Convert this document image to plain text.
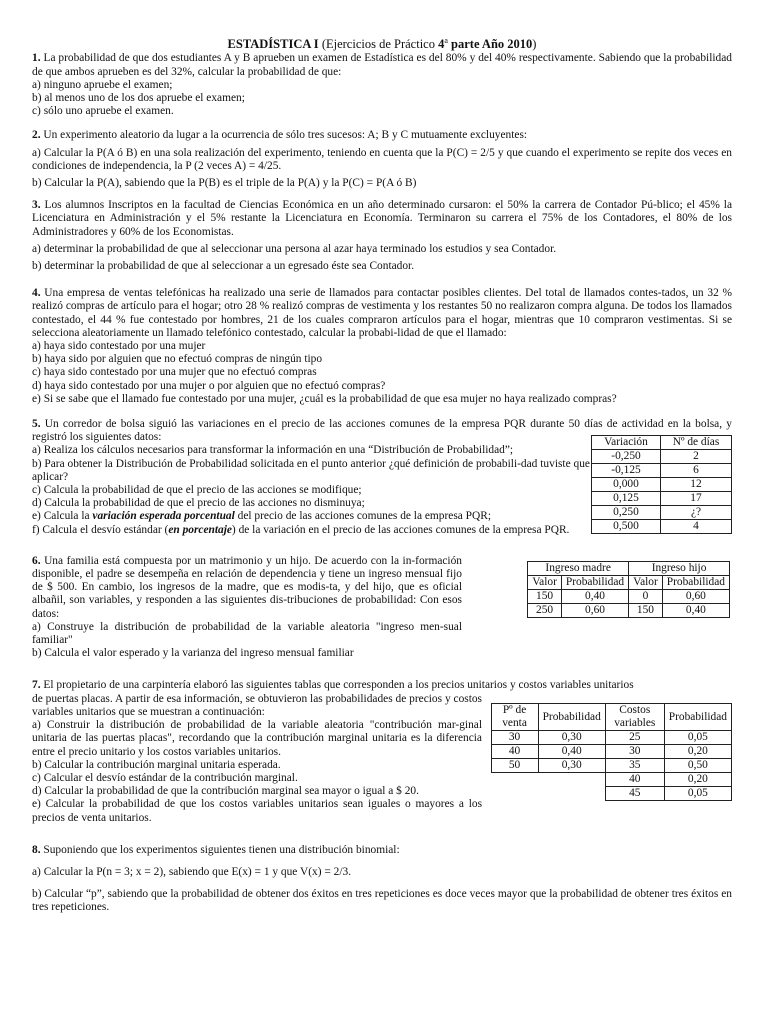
ESTADÍSTICA I (Ejercicios de Práctico 4$^a$ parte Año 2010)

1. La probabilidad de que dos estudiantes A y B aprueben un examen de Estadística es del 80% y del 40% respectivamente. Sabiendo que la probabilidad de que ambos aprueben es del 32%, calcular la probabilidad de que:

a) ninguno apruebe el examen;

b) al menos uno de los dos apruebe el examen;

c) sólo uno apruebe el examen.

2. Un experimento aleatorio da lugar a la ocurrencia de sólo tres sucesos: A; B y C mutuamente excluyentes:

a) Calcular la P(A ó B) en una sola realización del experimento, teniendo en cuenta que la P(C) = 2/5 y que cuando el experimento se repite dos veces en condiciones de independencia, la P (2 veces A) = 4/25.

b) Calcular la P(A), sabiendo que la P(B) es el triple de la P(A) y la P(C) = P(A ó B)

3. Los alumnos Inscriptos en la facultad de Ciencias Económica en un año determinado cursaron: el 50% la carrera de Contador Pú-blico; el 45% la Licenciatura en Administración y el 5% restante la Licenciatura en Economía. Terminaron su carrera el 75% de los Contadores, el 80% de los Administradores y 60% de los Economistas.

a) determinar la probabilidad de que al seleccionar una persona al azar haya terminado los estudios y sea Contador.

b) determinar la probabilidad de que al seleccionar a un egresado éste sea Contador.

4. Una empresa de ventas telefónicas ha realizado una serie de llamados para contactar posibles clientes. Del total de llamados contes-tados, un 32 % realizó compras de artículo para el hogar; otro 28 % realizó compras de vestimenta y los restantes 50 no realizaron compra alguna. De todos los llamados contestado, el 44 % fue contestado por hombres, 21 de los cuales compraron artículos para el hogar, mientras que 10 compraron vestimentas. Si se selecciona aleatoriamente un llamado telefónico contestado, calcular la probabi-lidad de que el llamado:

a) haya sido contestado por una mujer

b) haya sido por alguien que no efectuó compras de ningún tipo

c) haya sido contestado por una mujer que no efectuó compras

d) haya sido contestado por una mujer o por alguien que no efectuó compras?

e) Si se sabe que el llamado fue contestado por una mujer, ¿cuál es la probabilidad de que esa mujer no haya realizado compras?

5. Un corredor de bolsa siguió las variaciones en el precio de las acciones comunes de la empresa PQR durante 50 días de actividad en la bolsa, y registró los siguientes datos:

a) Realiza los cálculos necesarios para transformar la información en una “Distribución de Probabilidad”;

b) Para obtener la Distribución de Probabilidad solicitada en el punto anterior ¿qué definición de probabili-dad tuviste que aplicar?

c) Calcula la probabilidad de que el precio de las acciones se modifique;

d) Calcula la probabilidad de que el precio de las acciones no disminuya;

e) Calcula la variación esperada porcentual del precio de las acciones comunes de la empresa PQR;

f) Calcula el desvío estándar (en porcentaje) de la variación en el precio de las acciones comunes de la empresa PQR.

Variación	Nº de días
-0,250	2
-0,125	6
0,000	12
0,125	17
0,250	¿?
0,500	4

6. Una familia está compuesta por un matrimonio y un hijo. De acuerdo con la in-formación disponible, el padre se desempeña en relación de dependencia y tiene un ingreso mensual fijo de $ 500. En cambio, los ingresos de la madre, que es modis-ta, y del hijo, que es oficial albañil, son variables, y responden a las siguientes dis-tribuciones de probabilidad: Con esos datos:

a) Construye la distribución de probabilidad de la variable aleatoria "ingreso men-sual familiar"

b) Calcula el valor esperado y la varianza del ingreso mensual familiar

Ingreso madre		Ingreso hijo	
Valor	Probabilidad	Valor	Probabilidad
150	0,40	0	0,60
250	0,60	150	0,40

7. El propietario de una carpintería elaboró las siguientes tablas que corresponden a los precios unitarios y costos variables unitarios

de puertas placas. A partir de esa información, se obtuvieron las probabilidades de precios y costos variables unitarios que se muestran a continuación:

a) Construir la distribución de probabilidad de la variable aleatoria "contribución mar-ginal unitaria de las puertas placas", recordando que la contribución marginal unitaria es la diferencia entre el precio unitario y los costos variables unitarios.

b) Calcular la contribución marginal unitaria esperada.

c) Calcular el desvío estándar de la contribución marginal.

d) Calcular la probabilidad de que la contribución marginal sea mayor o igual a $ 20.

e) Calcular la probabilidad de que los costos variables unitarios sean iguales o mayores a los precios de venta unitarios.

Pº de venta	Probabilidad	Costos variables	Probabilidad
30	0,30	25	0,05
40	0,40	30	0,20
50	0,30	35	0,50
		40	0,20
		45	0,05

8. Suponiendo que los experimentos siguientes tienen una distribución binomial:

a) Calcular la P(n = 3; x = 2), sabiendo que E(x) = 1 y que V(x) = 2/3.

b) Calcular “p”, sabiendo que la probabilidad de obtener dos éxitos en tres repeticiones es doce veces mayor que la probabilidad de obtener tres éxitos en tres repeticiones.
